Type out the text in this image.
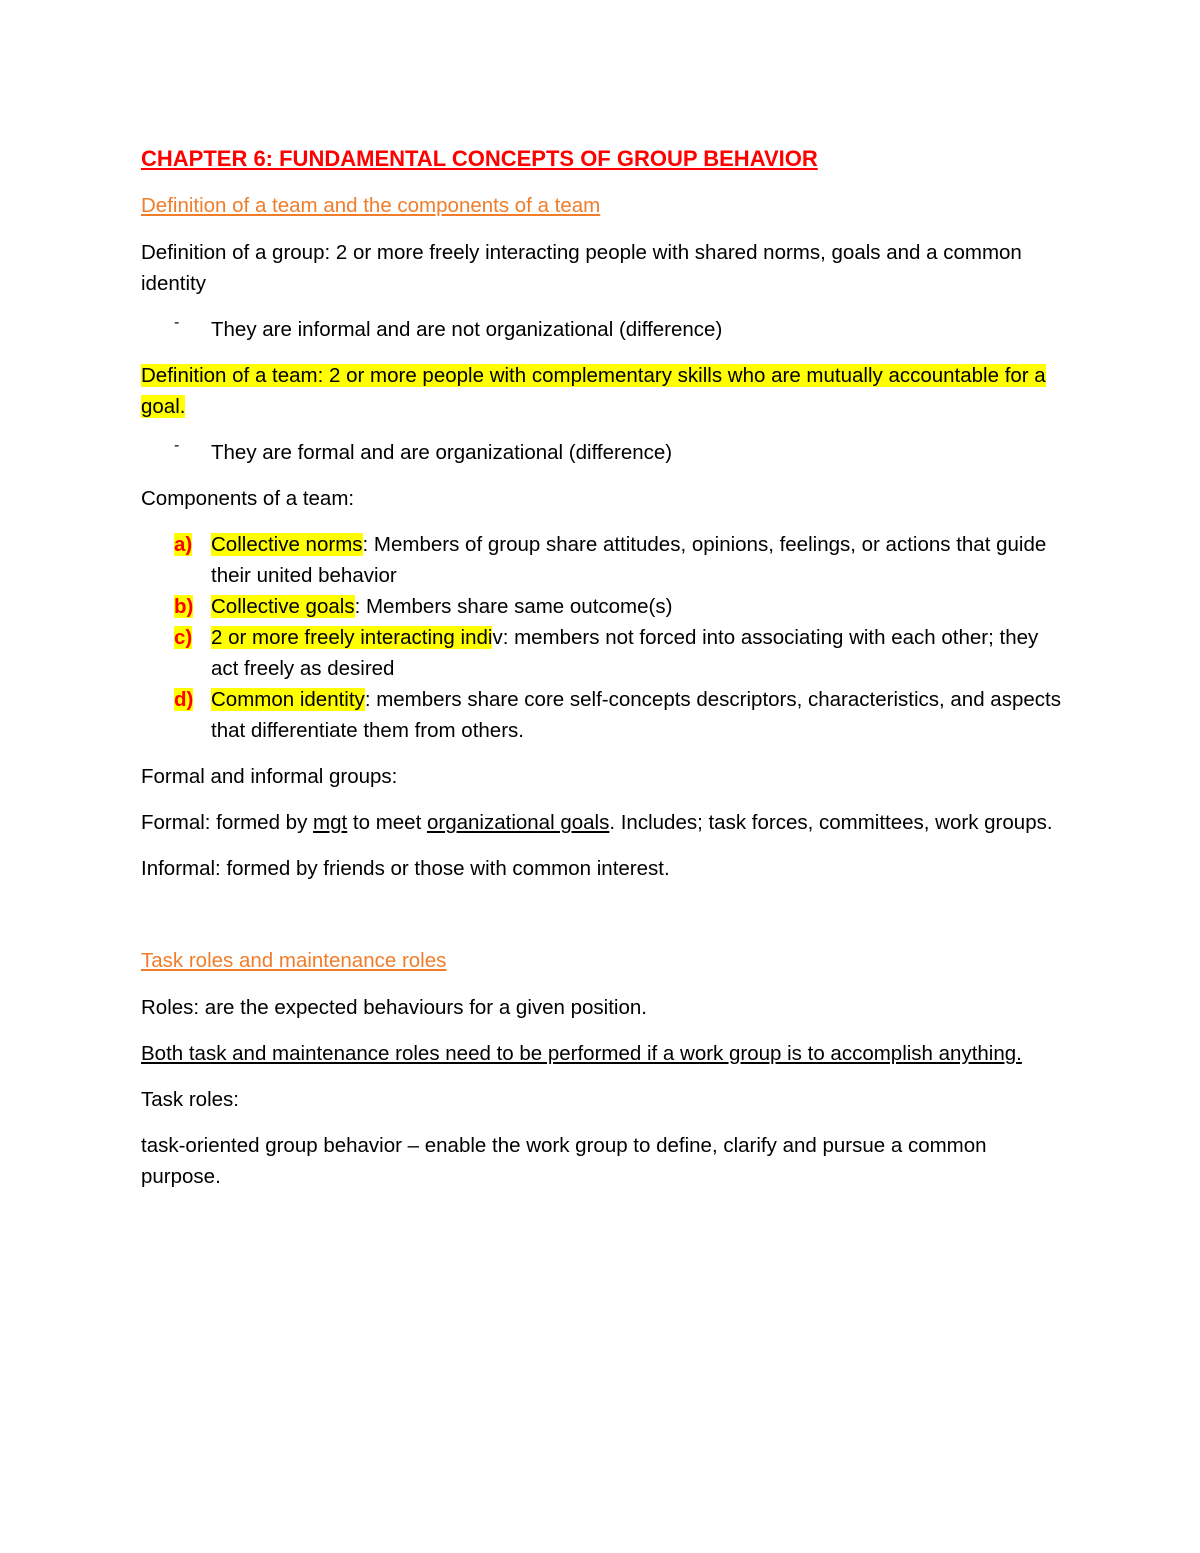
CHAPTER 6: FUNDAMENTAL CONCEPTS OF GROUP BEHAVIOR

Definition of a team and the components of a team

Definition of a group: 2 or more freely interacting people with shared norms, goals and a common identity

-	They are informal and are not organizational (difference)

Definition of a team: 2 or more people with complementary skills who are mutually accountable for a goal.

-	They are formal and are organizational (difference)

Components of a team:

a) Collective norms: Members of group share attitudes, opinions, feelings, or actions that guide their united behavior
b) Collective goals: Members share same outcome(s)
c) 2 or more freely interacting indiv: members not forced into associating with each other; they act freely as desired
d) Common identity: members share core self-concepts descriptors, characteristics, and aspects that differentiate them from others.

Formal and informal groups:

Formal: formed by mgt to meet organizational goals. Includes; task forces, committees, work groups.

Informal: formed by friends or those with common interest.

Task roles and maintenance roles

Roles: are the expected behaviours for a given position.

Both task and maintenance roles need to be performed if a work group is to accomplish anything.

Task roles:

task-oriented group behavior – enable the work group to define, clarify and pursue a common purpose.
